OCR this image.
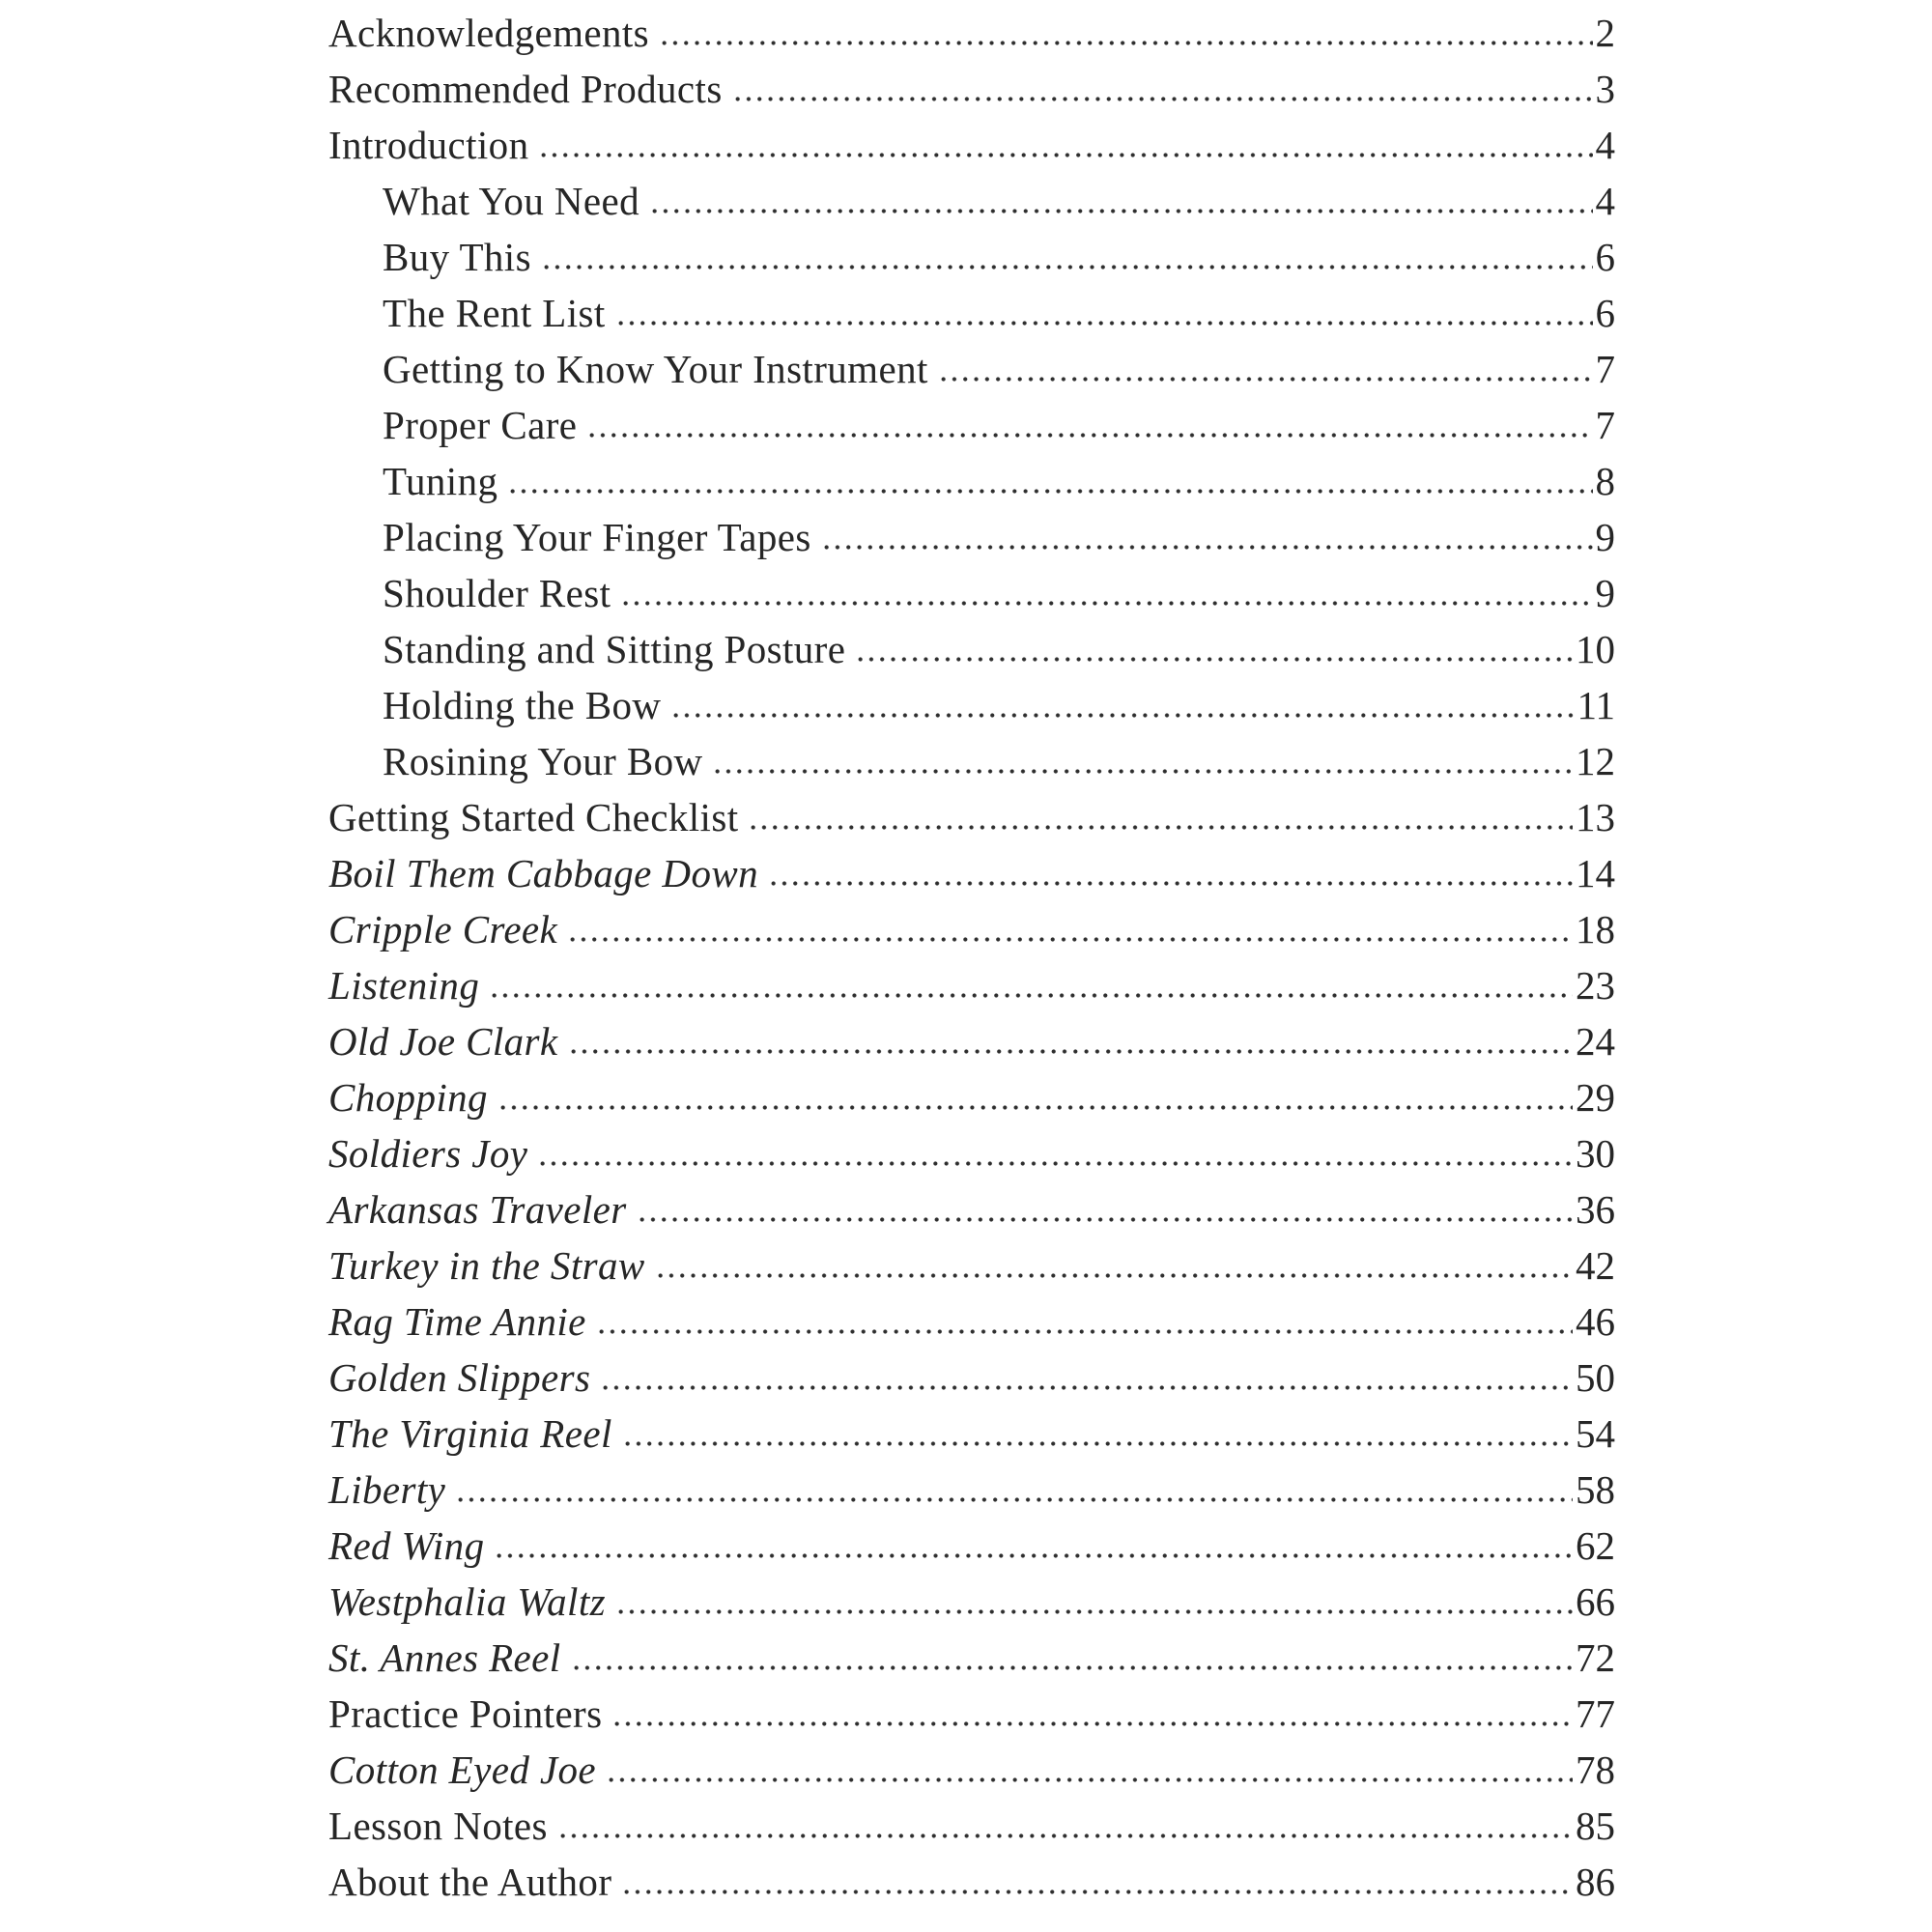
Acknowledgements	2
Recommended Products	3
Introduction	4
What You Need	4
Buy This	6
The Rent List	6
Getting to Know Your Instrument	7
Proper Care	7
Tuning	8
Placing Your Finger Tapes	9
Shoulder Rest	9
Standing and Sitting Posture	10
Holding the Bow	11
Rosining Your Bow	12
Getting Started Checklist	13
Boil Them Cabbage Down	14
Cripple Creek	18
Listening	23
Old Joe Clark	24
Chopping	29
Soldiers Joy	30
Arkansas Traveler	36
Turkey in the Straw	42
Rag Time Annie	46
Golden Slippers	50
The Virginia Reel	54
Liberty	58
Red Wing	62
Westphalia Waltz	66
St. Annes Reel	72
Practice Pointers	77
Cotton Eyed Joe	78
Lesson Notes	85
About the Author	86
